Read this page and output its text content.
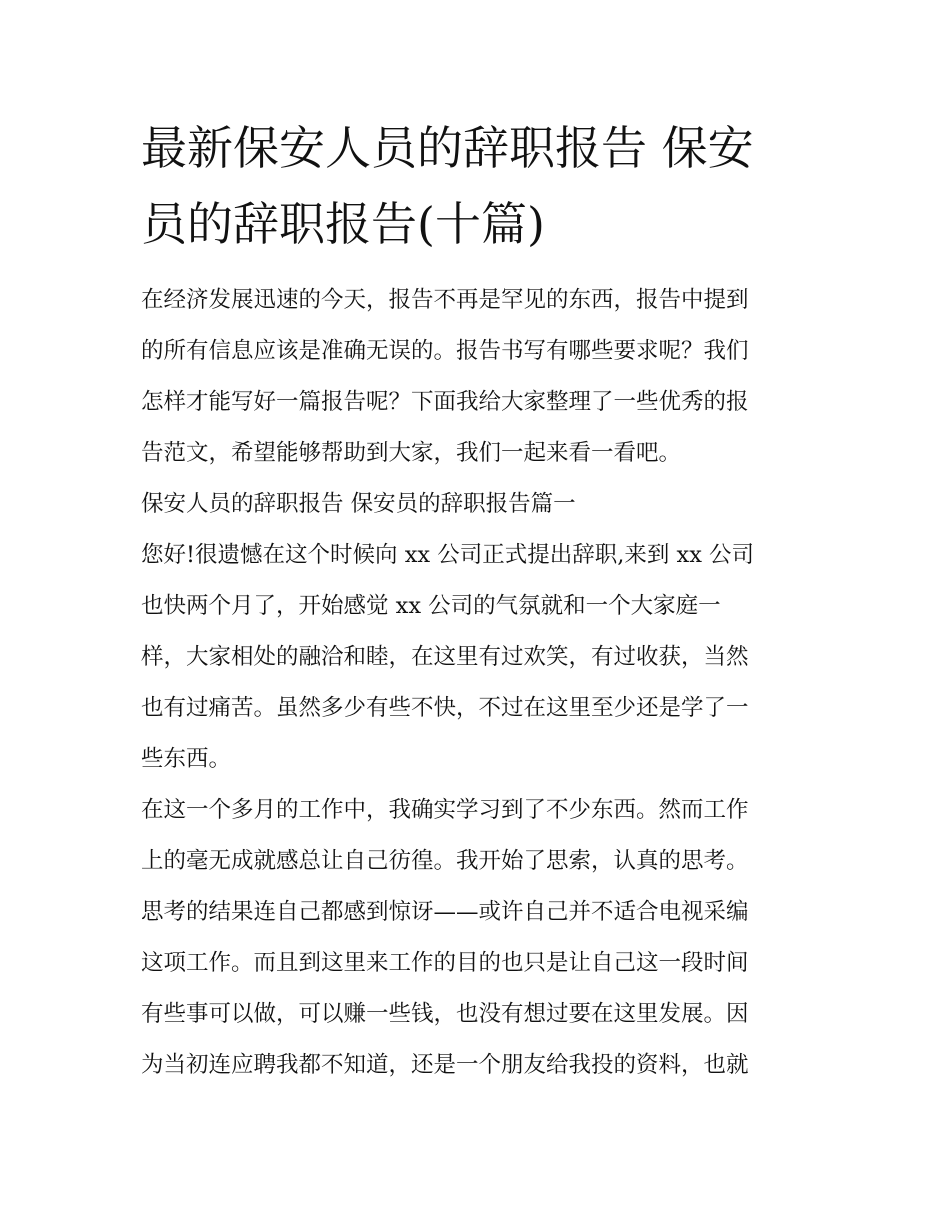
最新保安人员的辞职报告 保安
员的辞职报告(十篇)
在经济发展迅速的今天，报告不再是罕见的东西，报告中提到
的所有信息应该是准确无误的。报告书写有哪些要求呢？我们
怎样才能写好一篇报告呢？下面我给大家整理了一些优秀的报
告范文，希望能够帮助到大家，我们一起来看一看吧。
保安人员的辞职报告 保安员的辞职报告篇一
您好!很遗憾在这个时候向 xx 公司正式提出辞职,来到 xx 公司
也快两个月了，开始感觉 xx 公司的气氛就和一个大家庭一
样，大家相处的融洽和睦，在这里有过欢笑，有过收获，当然
也有过痛苦。虽然多少有些不快，不过在这里至少还是学了一
些东西。
在这一个多月的工作中，我确实学习到了不少东西。然而工作
上的毫无成就感总让自己彷徨。我开始了思索，认真的思考。
思考的结果连自己都感到惊讶——或许自己并不适合电视采编
这项工作。而且到这里来工作的目的也只是让自己这一段时间
有些事可以做，可以赚一些钱，也没有想过要在这里发展。因
为当初连应聘我都不知道，还是一个朋友给我投的资料，也就
